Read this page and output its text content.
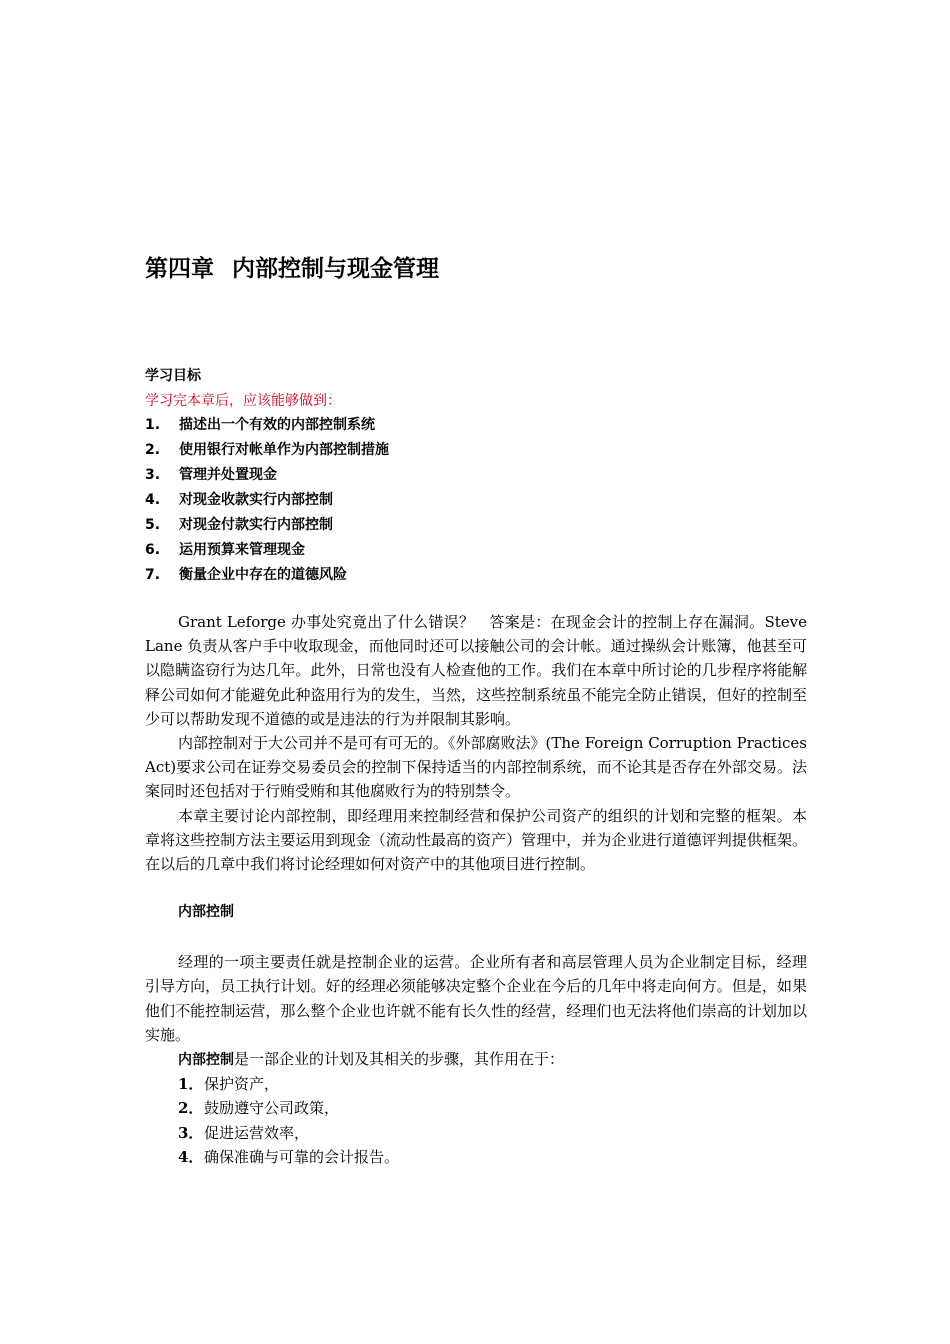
第四章 内部控制与现金管理

学习目标

学习完本章后，应该能够做到：

1. 描述出一个有效的内部控制系统
2. 使用银行对帐单作为内部控制措施
3. 管理并处置现金
4. 对现金收款实行内部控制
5. 对现金付款实行内部控制
6. 运用预算来管理现金
7. 衡量企业中存在的道德风险

Grant Leforge 办事处究竟出了什么错误？　答案是：在现金会计的控制上存在漏洞。Steve Lane 负责从客户手中收取现金，而他同时还可以接触公司的会计帐。通过操纵会计账簿，他甚至可以隐瞒盗窃行为达几年。此外，日常也没有人检查他的工作。我们在本章中所讨论的几步程序将能解释公司如何才能避免此种盗用行为的发生，当然，这些控制系统虽不能完全防止错误，但好的控制至少可以帮助发现不道德的或是违法的行为并限制其影响。

内部控制对于大公司并不是可有可无的。《外部腐败法》(The Foreign Corruption Practices Act)要求公司在证券交易委员会的控制下保持适当的内部控制系统，而不论其是否存在外部交易。法案同时还包括对于行贿受贿和其他腐败行为的特别禁令。

本章主要讨论内部控制，即经理用来控制经营和保护公司资产的组织的计划和完整的框架。本章将这些控制方法主要运用到现金（流动性最高的资产）管理中，并为企业进行道德评判提供框架。在以后的几章中我们将讨论经理如何对资产中的其他项目进行控制。

内部控制

经理的一项主要责任就是控制企业的运营。企业所有者和高层管理人员为企业制定目标，经理引导方向，员工执行计划。好的经理必须能够决定整个企业在今后的几年中将走向何方。但是，如果他们不能控制运营，那么整个企业也许就不能有长久性的经营，经理们也无法将他们崇高的计划加以实施。

内部控制是一部企业的计划及其相关的步骤，其作用在于：

1．保护资产，
2．鼓励遵守公司政策，
3．促进运营效率，
4．确保准确与可靠的会计报告。
